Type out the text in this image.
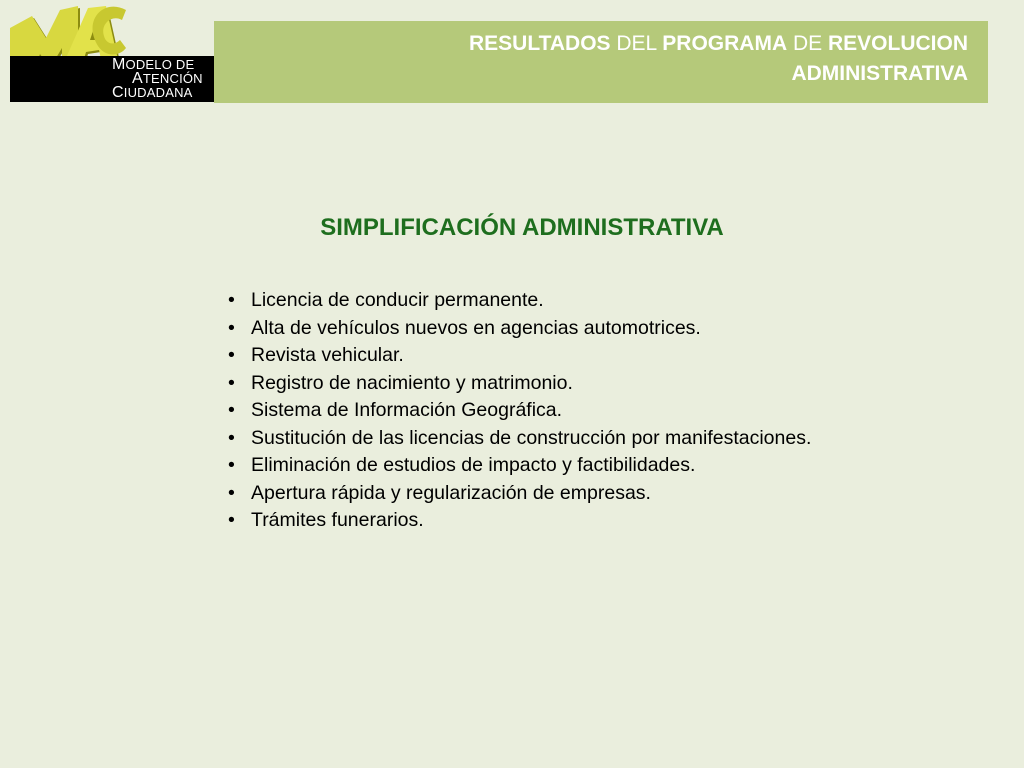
MODELO DE
ATENCIÓN
CIUDADANA
RESULTADOS DEL PROGRAMA DE REVOLUCION
ADMINISTRATIVA
SIMPLIFICACIÓN ADMINISTRATIVA
• Licencia de conducir permanente.
• Alta de vehículos nuevos en agencias automotrices.
• Revista vehicular.
• Registro de nacimiento y matrimonio.
• Sistema de Información Geográfica.
• Sustitución de las licencias de construcción por manifestaciones.
• Eliminación de estudios de impacto y factibilidades.
• Apertura rápida y regularización de empresas.
• Trámites funerarios.
